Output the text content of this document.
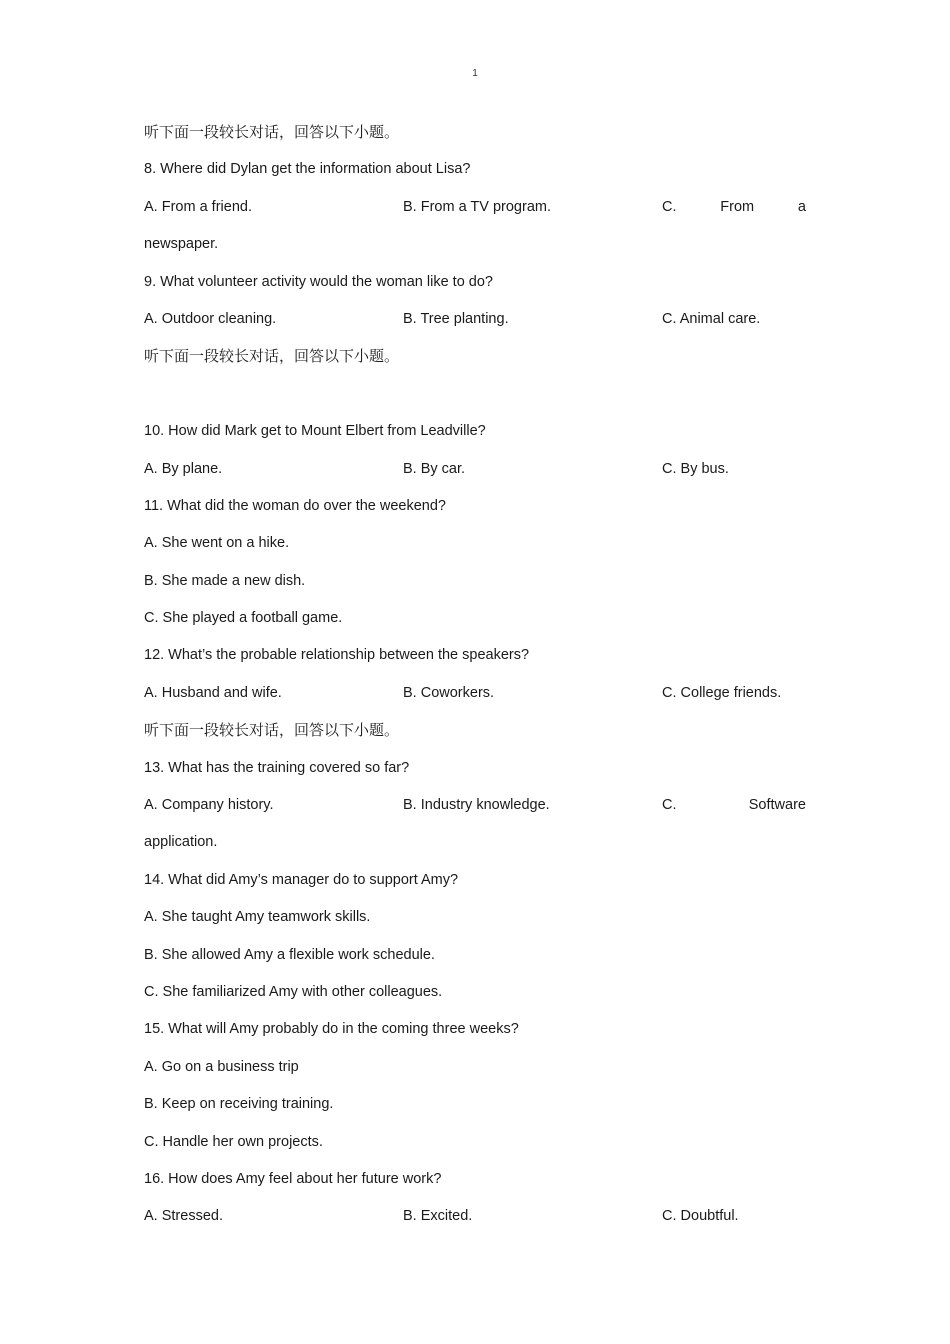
1
听下面一段较长对话，回答以下小题。
8. Where did Dylan get the information about Lisa?
A. From a friend.	B. From a TV program.	C.	From	a
newspaper.
9. What volunteer activity would the woman like to do?
A. Outdoor cleaning.	B. Tree planting.	C. Animal care.
听下面一段较长对话，回答以下小题。
10. How did Mark get to Mount Elbert from Leadville?
A. By plane.	B. By car.	C. By bus.
11. What did the woman do over the weekend?
A. She went on a hike.
B. She made a new dish.
C. She played a football game.
12. What’s the probable relationship between the speakers?
A. Husband and wife.	B. Coworkers.	C. College friends.
听下面一段较长对话，回答以下小题。
13. What has the training covered so far?
A. Company history.	B. Industry knowledge.	C.	Software
application.
14. What did Amy’s manager do to support Amy?
A. She taught Amy teamwork skills.
B. She allowed Amy a flexible work schedule.
C. She familiarized Amy with other colleagues.
15. What will Amy probably do in the coming three weeks?
A. Go on a business trip
B. Keep on receiving training.
C. Handle her own projects.
16. How does Amy feel about her future work?
A. Stressed.	B. Excited.	C. Doubtful.
